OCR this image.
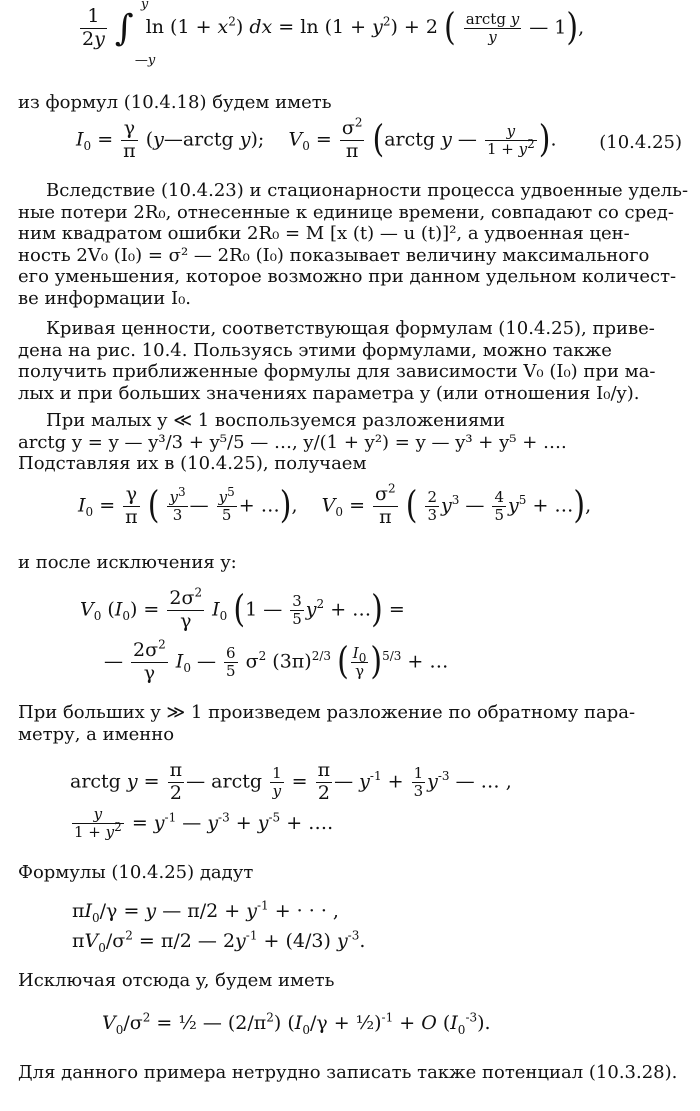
$\frac{1}{2y}$ ∫
y
—y
$\ln (1 + x^2)$ dx = $\ln (1 + y^2) + 2$ ( $\frac{\text{arctg y}}{y}$ — 1),
из формул (10.4.18) будем иметь
$I_0 = \frac{\gamma}{\pi}$ (y—arctg y);    $V_0 = \frac{\sigma^2}{\pi}$ (arctg y — $\frac{y}{1 + y^2}$ ). (10.4.25)
Вследствие (10.4.23) и стационарности процесса удвоенные удель-
ные потери 2R₀, отнесенные к единице времени, совпадают со сред-
ним квадратом ошибки 2R₀ = M [x (t) — u (t)]², а удвоенная цен-
ность 2V₀ (I₀) = σ² — 2R₀ (I₀) показывает величину максимального
его уменьшения, которое возможно при данном удельном количест-
ве информации I₀.
Кривая ценности, соответствующая формулам (10.4.25), приве-
дена на рис. 10.4. Пользуясь этими формулами, можно также
получить приближенные формулы для зависимости V₀ (I₀) при ма-
лых и при больших значениях параметра y (или отношения I₀/y).
При малых y ≪ 1 воспользуемся разложениями
arctg y = y — y³/3 + y⁵/5 — …, y/(1 + y²) = y — y³ + y⁵ + ….
Подставляя их в (10.4.25), получаем
$I_0 = \frac{\gamma}{\pi}$ ( $\frac{y^3}{3}$ — $\frac{y^5}{5}$ + …),    $V_0 = \frac{\sigma^2}{\pi}$ ( $\frac{2}{3} y^3$ — $\frac{4}{5} y^5$ + …),
и после исключения y:
$V_0$ $(I_0) = \frac{2\sigma^2}{\gamma} I_0$ (1 — $\frac{3}{5} y^2$ + …) =
— $\frac{2\sigma^2}{\gamma} I_0$ — $\frac{6}{5} \sigma^2$ $(3\pi)^{2/3}$ ( $\frac{I_0}{\gamma} )^{5/3}$ + …
При больших y ≫ 1 произведем разложение по обратному пара-
метру, а именно
arctg $y = \frac{\pi}{2}$ — arctg $\frac{1}{y} = \frac{\pi}{2}$ — $y^{-1} + \frac{1}{3} y^{-3}$ — … ,
$\frac{y}{1 + y^2} = y^{-1}$ — $y^{-3} + y^{-5}$ + ….
Формулы (10.4.25) дадут
$\pi I_0/\gamma = y$ — $\pi/2 + y^{-1}$ + · · · ,
$\pi V_0/\sigma^2 = \pi/2$ — $2y^{-1} + (4/3)$ $y^{-3}$.
Исключая отсюда y, будем иметь
$V_0/\sigma^2$ = ½ — $(2/\pi^2) (I_0/\gamma$ + ½)$^{-1}$ + O $(I_0^{-3})$.
Для данного примера нетрудно записать также потенциал (10.3.28).
